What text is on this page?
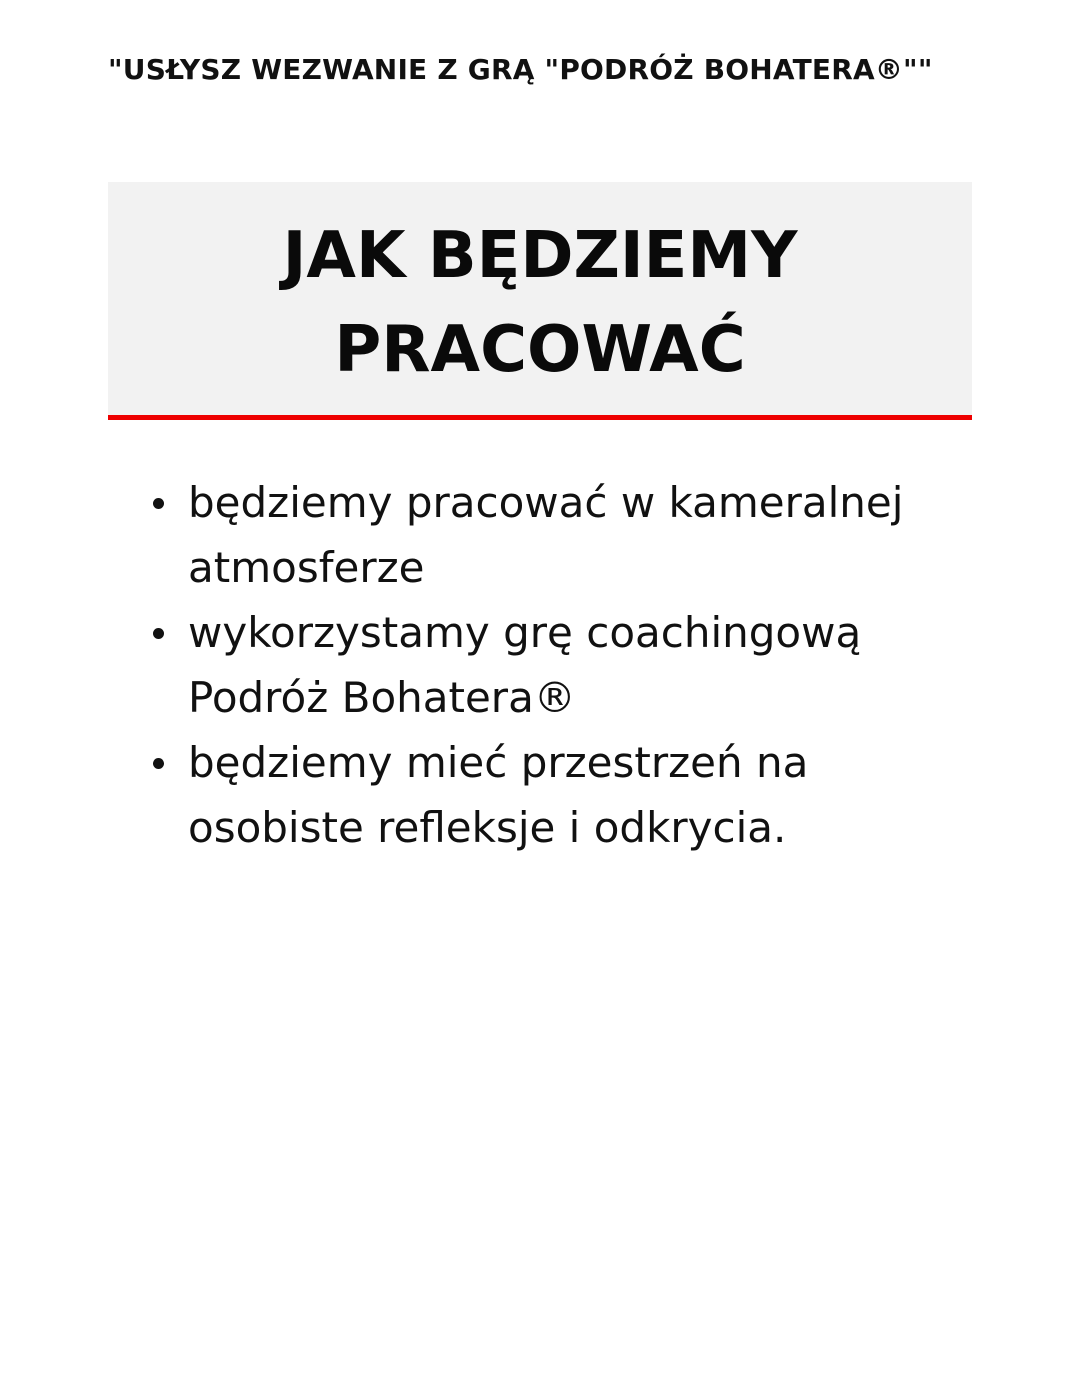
"USŁYSZ WEZWANIE Z GRĄ "PODRÓŻ BOHATERA®""
JAK BĘDZIEMY
PRACOWAĆ
będziemy pracować w kameralnej
atmosferze
wykorzystamy grę coachingową
Podróż Bohatera®
będziemy mieć przestrzeń na
osobiste refleksje i odkrycia.
